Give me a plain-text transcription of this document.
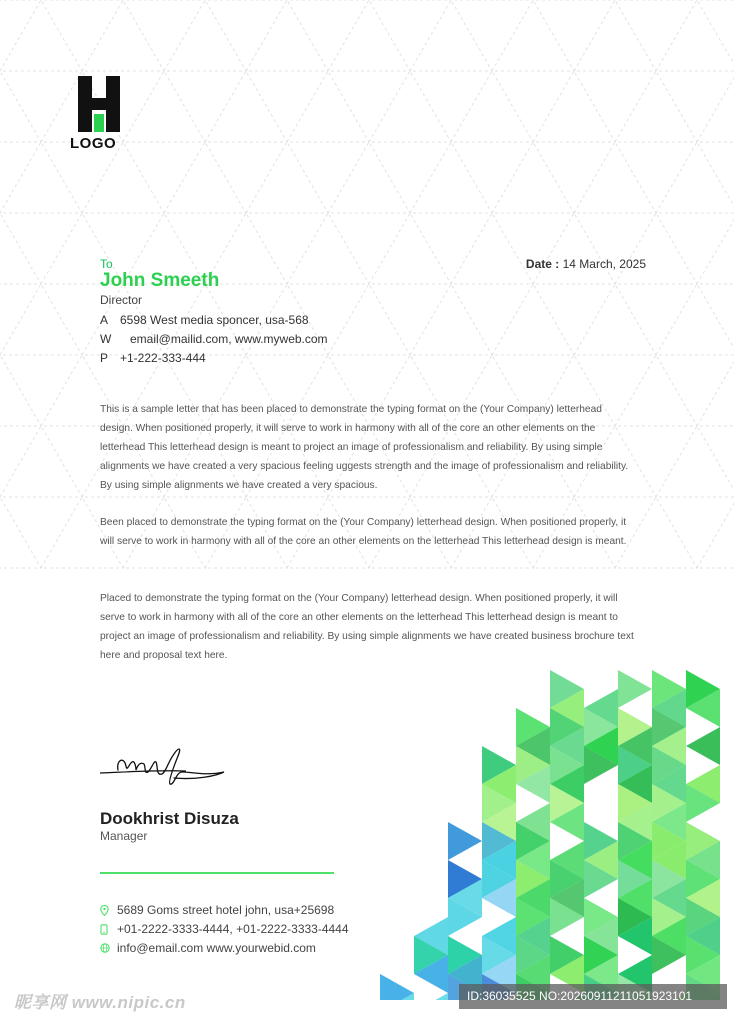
LOGO
To
John Smeeth
Director
A 6598 West media sponcer, usa-568
W	email@mailid.com, www.myweb.com
P +1-222-333-444
Date : 14 March, 2025
This is a sample letter that has been placed to demonstrate the typing format on the (Your Company) letterhead design. When positioned properly, it will serve to work in harmony with all of the core an other elements on the letterhead This letterhead design is meant to project an image of professionalism and reliability. By using simple alignments we have created a very spacious feeling uggests strength and the image of professionalism and reliability. By using simple alignments we have created a very spacious.
Been placed to demonstrate the typing format on the (Your Company) letterhead design. When positioned properly, it will serve to work in harmony with all of the core an other elements on the letterhead This letterhead design is meant.
Placed to demonstrate the typing format on the (Your Company) letterhead design. When positioned properly, it will serve to work in harmony with all of the core an other elements on the letterhead This letterhead design is meant to project an image of professionalism and reliability. By using simple alignments we have created business brochure text here and proposal text here.
Dookhrist Disuza
Manager
5689 Goms street hotel john, usa+25698
+01-2222-3333-4444, +01-2222-3333-4444
info@email.com www.yourwebid.com
昵享网 www.nipic.cn	ID:36035525 NO:20260911211051923101
